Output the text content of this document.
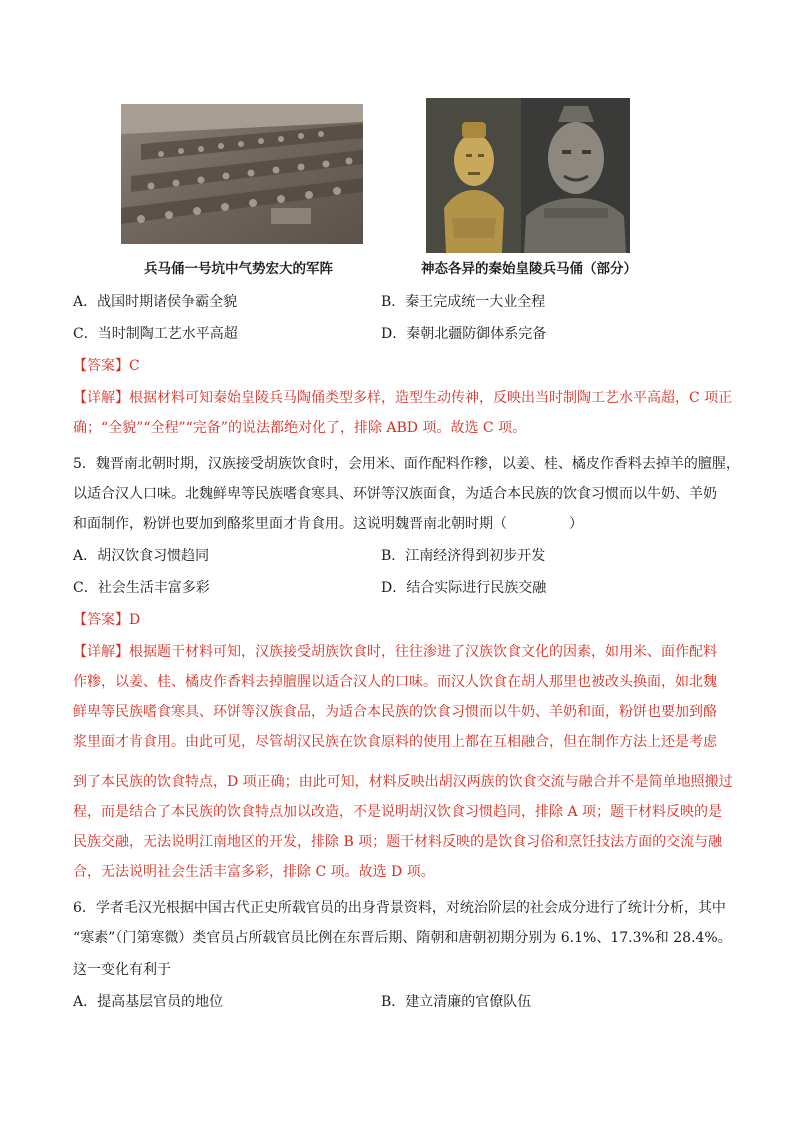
兵马俑一号坑中气势宏大的军阵	神态各异的秦始皇陵兵马俑（部分）
A．战国时期诸侯争霸全貌	B．秦王完成统一大业全程
C．当时制陶工艺水平高超	D．秦朝北疆防御体系完备
【答案】C
【详解】根据材料可知秦始皇陵兵马陶俑类型多样，造型生动传神，反映出当时制陶工艺水平高超，C 项正
确；“全貌”“全程”“完备”的说法都绝对化了，排除 ABD 项。故选 C 项。
5．魏晋南北朝时期，汉族接受胡族饮食时，会用米、面作配料作糁，以姜、桂、橘皮作香料去掉羊的膻腥，
以适合汉人口味。北魏鲜卑等民族嗜食寒具、环饼等汉族面食，为适合本民族的饮食习惯而以牛奶、羊奶
和面制作，粉饼也要加到酪浆里面才肯食用。这说明魏晋南北朝时期（	）
A．胡汉饮食习惯趋同	B．江南经济得到初步开发
C．社会生活丰富多彩	D．结合实际进行民族交融
【答案】D
【详解】根据题干材料可知，汉族接受胡族饮食时，往往渗进了汉族饮食文化的因素，如用米、面作配料
作糁，以姜、桂、橘皮作香料去掉膻腥以适合汉人的口味。而汉人饮食在胡人那里也被改头换面，如北魏
鲜卑等民族嗜食寒具、环饼等汉族食品，为适合本民族的饮食习惯而以牛奶、羊奶和面，粉饼也要加到酪
浆里面才肯食用。由此可见，尽管胡汉民族在饮食原料的使用上都在互相融合，但在制作方法上还是考虑
到了本民族的饮食特点，D 项正确；由此可知，材料反映出胡汉两族的饮食交流与融合并不是简单地照搬过
程，而是结合了本民族的饮食特点加以改造，不是说明胡汉饮食习惯趋同，排除 A 项；题干材料反映的是
民族交融，无法说明江南地区的开发，排除 B 项；题干材料反映的是饮食习俗和烹饪技法方面的交流与融
合，无法说明社会生活丰富多彩，排除 C 项。故选 D 项。
6．学者毛汉光根据中国古代正史所载官员的出身背景资料，对统治阶层的社会成分进行了统计分析，其中
“寒素”（门第寒微）类官员占所载官员比例在东晋后期、隋朝和唐朝初期分别为 6.1%、17.3%和 28.4%。
这一变化有利于
A．提高基层官员的地位	B．建立清廉的官僚队伍
